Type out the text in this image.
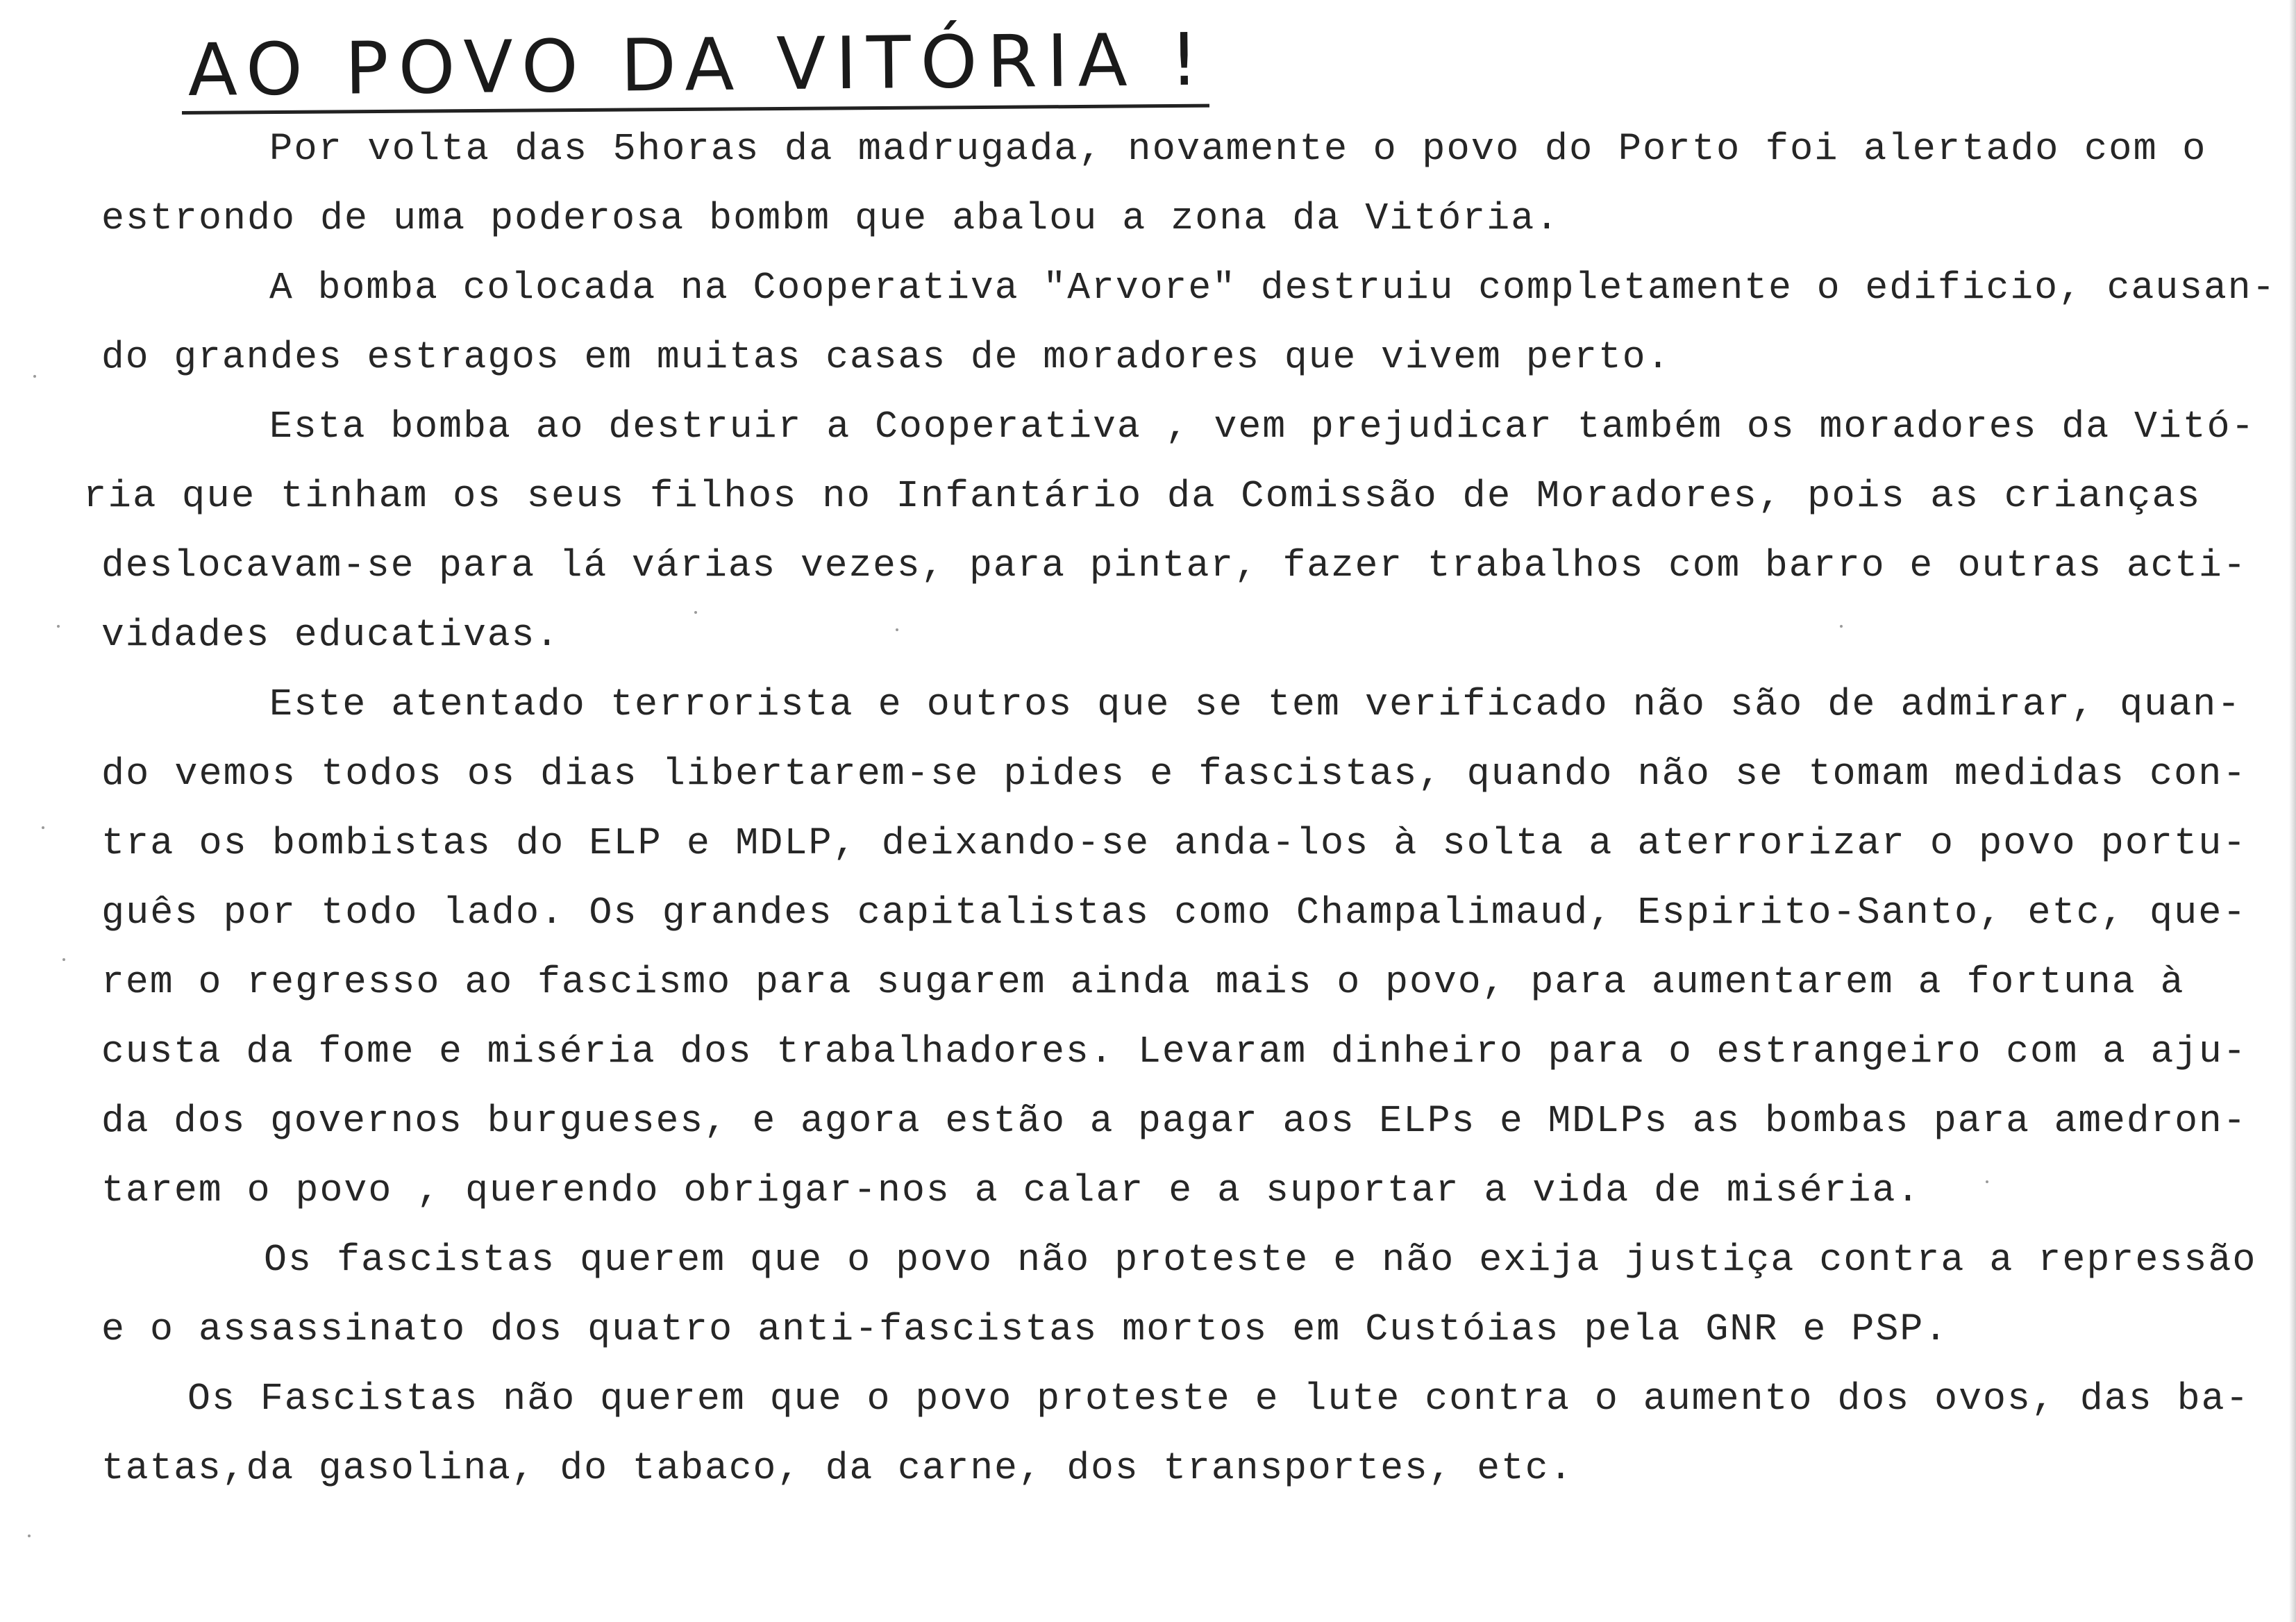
AO POVO DA VITÓRIA !
Por volta das 5horas da madrugada, novamente o povo do Porto foi alertado com o
estrondo de uma poderosa bombm que abalou a zona da Vitória.
A bomba colocada na Cooperativa "Arvore" destruiu completamente o edificio, causan-
do grandes estragos em muitas casas de moradores que vivem perto.
Esta bomba ao destruir a Cooperativa , vem prejudicar também os moradores da Vitó-
ria que tinham os seus filhos no Infantário da Comissão de Moradores, pois as crianças
deslocavam-se para lá várias vezes, para pintar, fazer trabalhos com barro e outras acti-
vidades educativas.
Este atentado terrorista e outros que se tem verificado não são de admirar, quan-
do vemos todos os dias libertarem-se pides e fascistas, quando não se tomam medidas con-
tra os bombistas do ELP e MDLP, deixando-se anda-los à solta a aterrorizar o povo portu-
guês por todo lado. Os grandes capitalistas como Champalimaud, Espirito-Santo, etc, que-
rem o regresso ao fascismo para sugarem ainda mais o povo, para aumentarem a fortuna à
custa da fome e miséria dos trabalhadores. Levaram dinheiro para o estrangeiro com a aju-
da dos governos burgueses, e agora estão a pagar aos ELPs e MDLPs as bombas para amedron-
tarem o povo , querendo obrigar-nos a calar e a suportar a vida de miséria.
Os fascistas querem que o povo não proteste e não exija justiça contra a repressão
e o assassinato dos quatro anti-fascistas mortos em Custóias pela GNR e PSP.
Os Fascistas não querem que o povo proteste e lute contra o aumento dos ovos, das ba-
tatas,da gasolina, do tabaco, da carne, dos transportes, etc.
